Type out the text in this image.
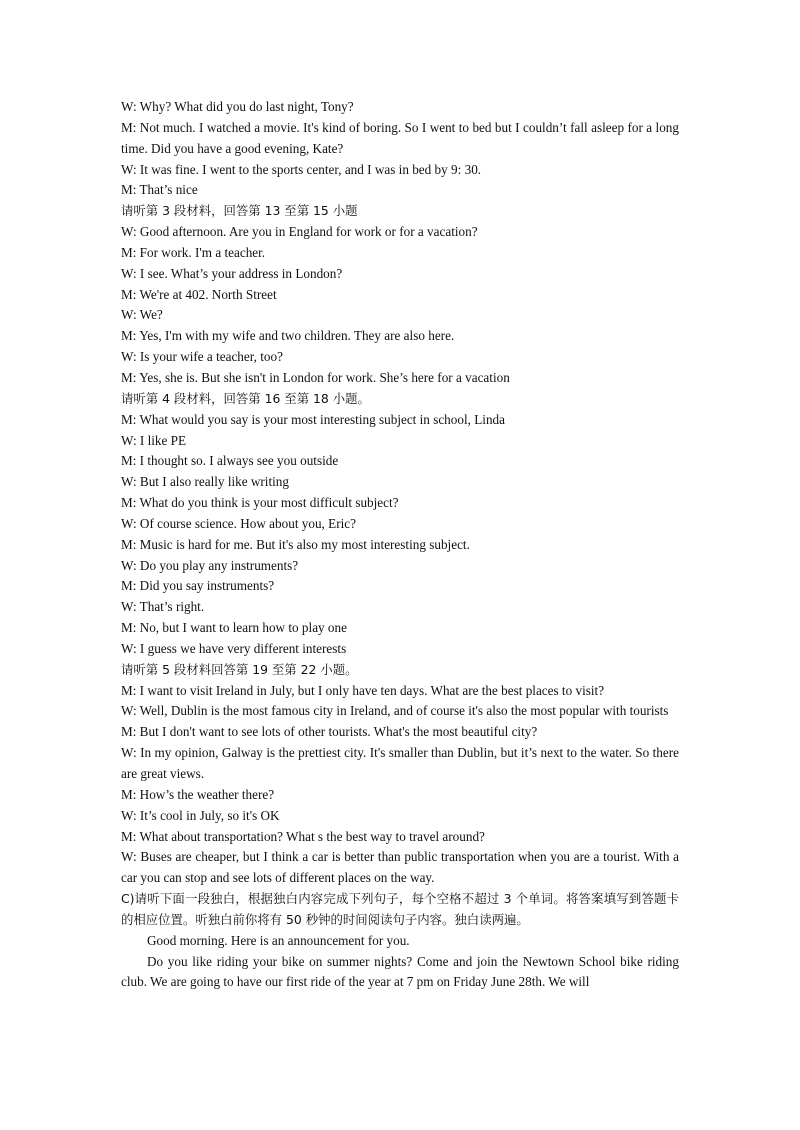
W: Why? What did you do last night, Tony?

M: Not much. I watched a movie. It's kind of boring. So I went to bed but I couldn’t fall asleep for a long time. Did you have a good evening, Kate?

W: It was fine. I went to the sports center, and I was in bed by 9: 30.

M: That’s nice

请听第 3 段材料，回答第 13 至第 15 小题

W: Good afternoon. Are you in England for work or for a vacation?

M: For work. I'm a teacher.

W: I see. What’s your address in London?

M: We're at 402. North Street

W: We?

M: Yes, I'm with my wife and two children. They are also here.

W: Is your wife a teacher, too?

M: Yes, she is. But she isn't in London for work. She’s here for a vacation

请听第 4 段材料，回答第 16 至第 18 小题。

M: What would you say is your most interesting subject in school, Linda

W: I like PE

M: I thought so. I always see you outside

W: But I also really like writing

M: What do you think is your most difficult subject?

W: Of course science. How about you, Eric?

M: Music is hard for me. But it's also my most interesting subject.

W: Do you play any instruments?

M: Did you say instruments?

W: That’s right.

M: No, but I want to learn how to play one

W: I guess we have very different interests

请听第 5 段材料回答第 19 至第 22 小题。

M: I want to visit Ireland in July, but I only have ten days. What are the best places to visit?

W: Well, Dublin is the most famous city in Ireland, and of course it's also the most popular with tourists

M: But I don't want to see lots of other tourists. What's the most beautiful city?

W: In my opinion, Galway is the prettiest city. It's smaller than Dublin, but it’s next to the water. So there are great views.

M: How’s the weather there?

W: It’s cool in July, so it's OK

M: What about transportation? What s the best way to travel around?

W: Buses are cheaper, but I think a car is better than public transportation when you are a tourist. With a car you can stop and see lots of different places on the way.

C)请听下面一段独白，根据独白内容完成下列句子，每个空格不超过 3 个单词。将答案填写到答题卡的相应位置。听独白前你将有 50 秒钟的时间阅读句子内容。独白读两遍。

Good morning. Here is an announcement for you.

Do you like riding your bike on summer nights? Come and join the Newtown School bike riding club. We are going to have our first ride of the year at 7 pm on Friday June 28th. We will
